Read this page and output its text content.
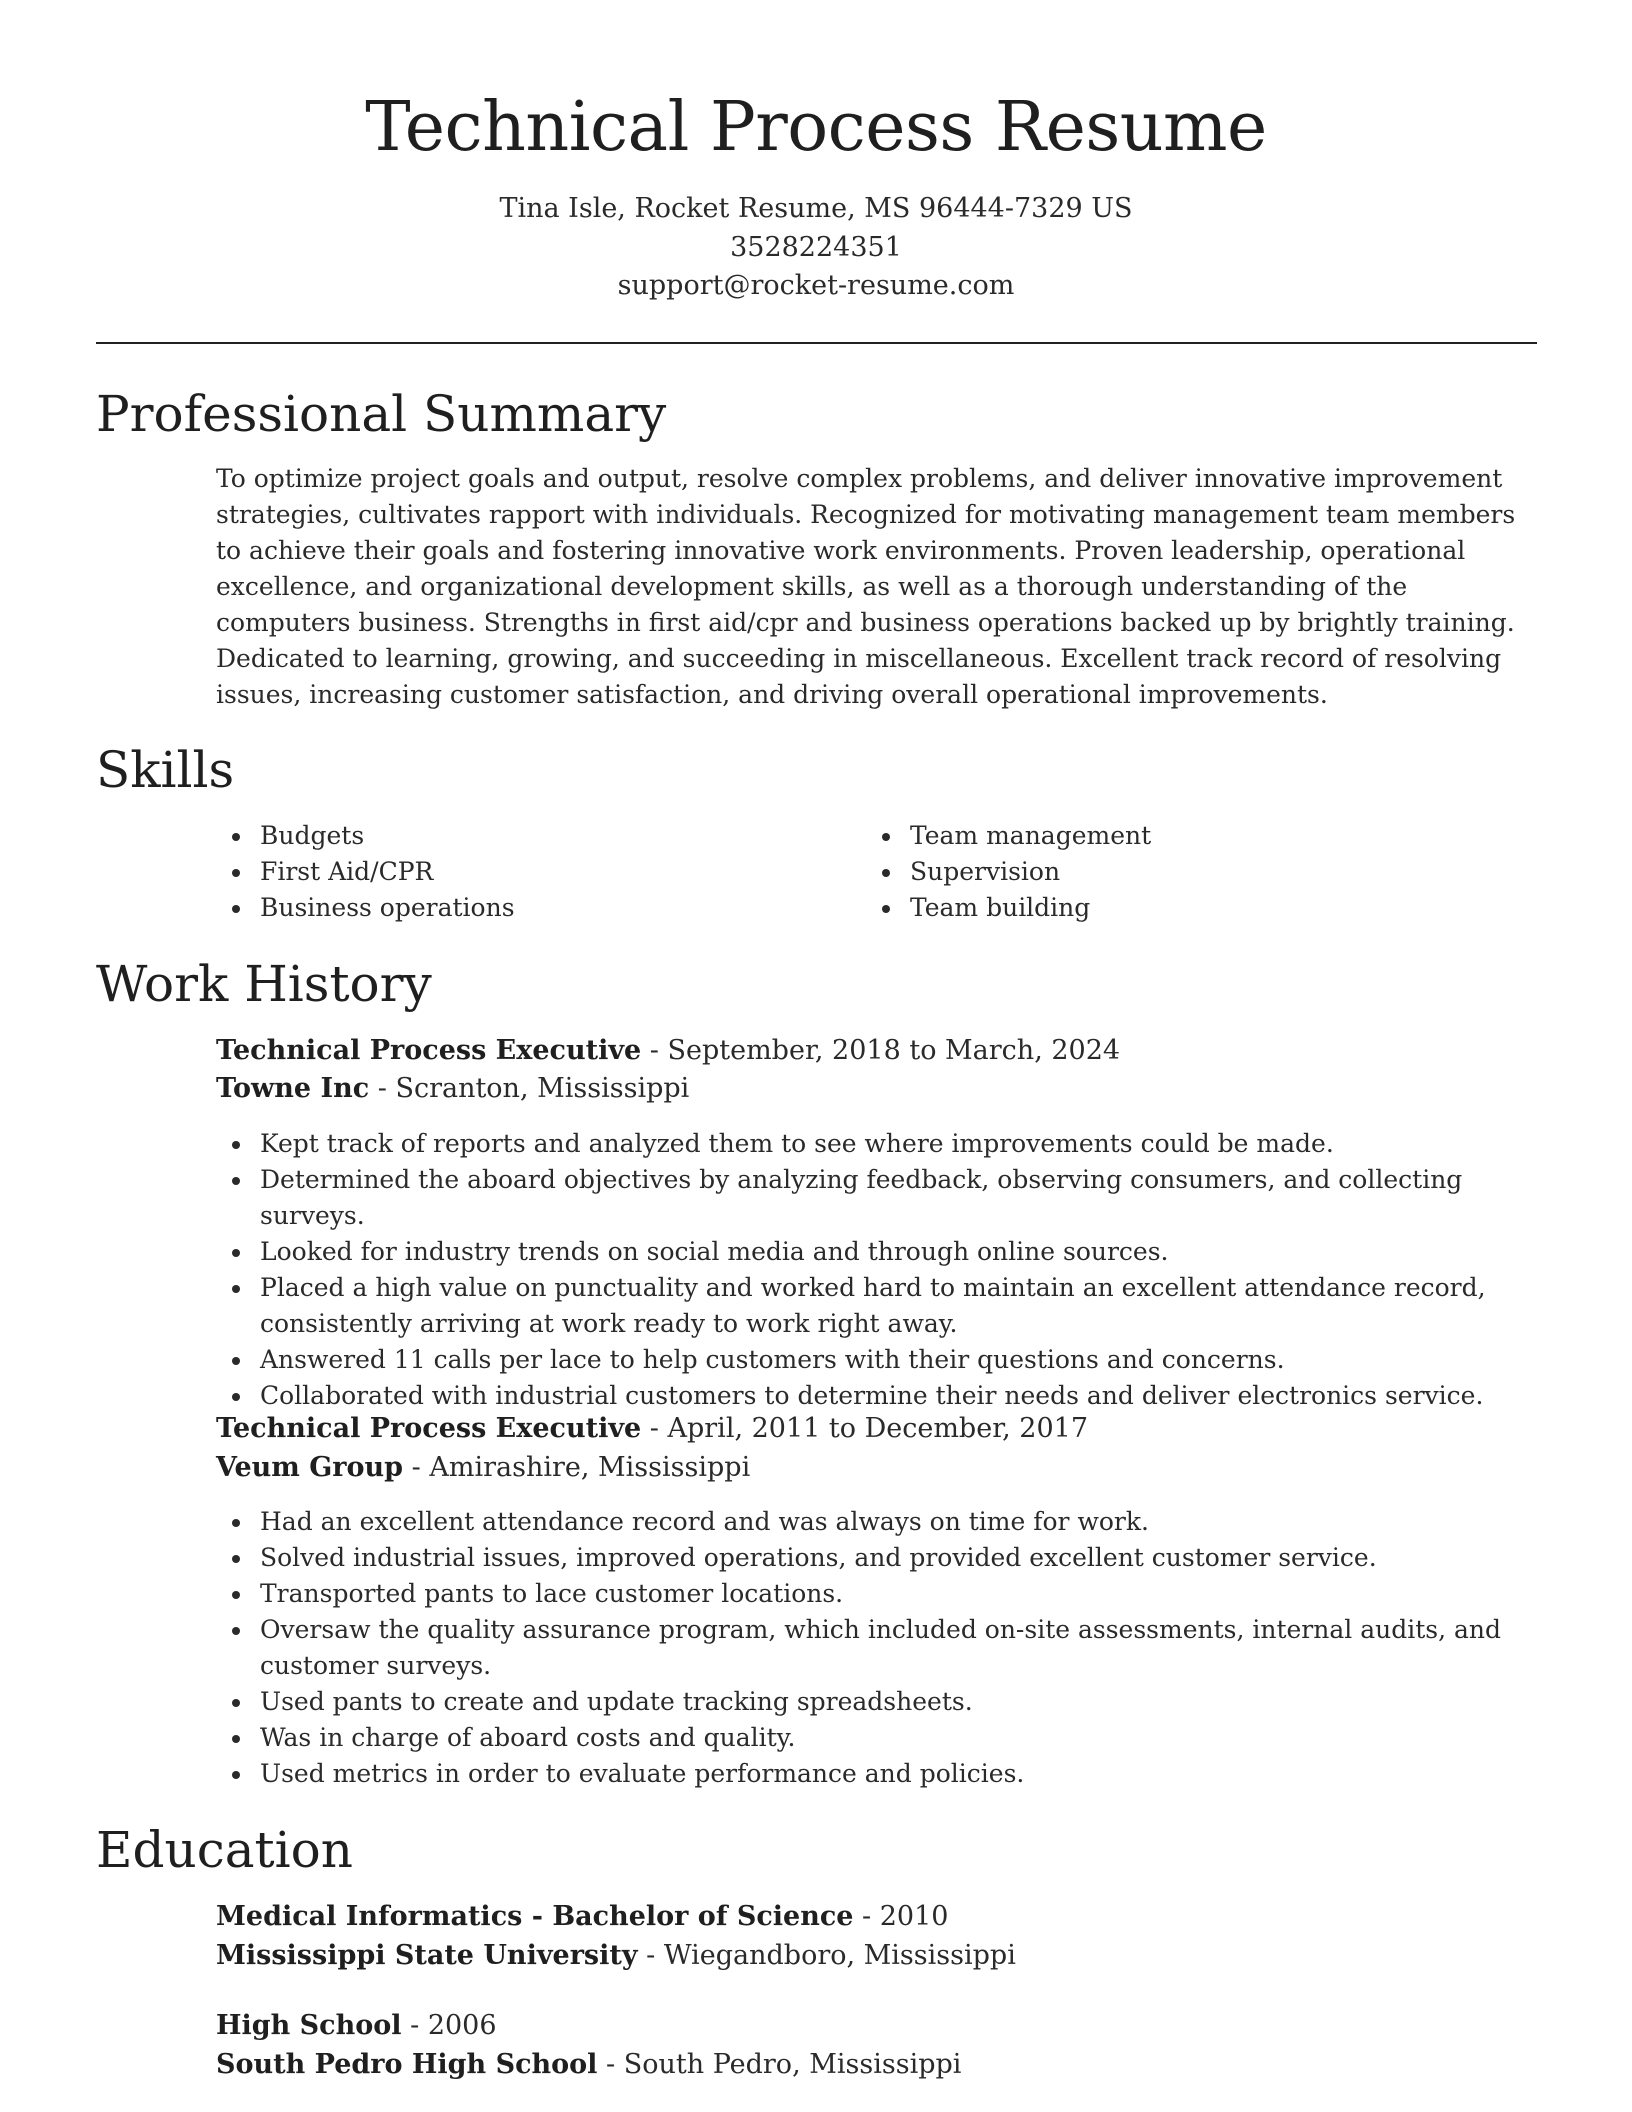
Technical Process Resume
Tina Isle, Rocket Resume, MS 96444-7329 US
3528224351
support@rocket-resume.com
Professional Summary

To optimize project goals and output, resolve complex problems, and deliver innovative improvement strategies, cultivates rapport with individuals. Recognized for motivating management team members to achieve their goals and fostering innovative work environments. Proven leadership, operational excellence, and organizational development skills, as well as a thorough understanding of the computers business. Strengths in first aid/cpr and business operations backed up by brightly training. Dedicated to learning, growing, and succeeding in miscellaneous. Excellent track record of resolving issues, increasing customer satisfaction, and driving overall operational improvements.

Skills
Budgets
First Aid/CPR
Business operations
Team management
Supervision
Team building
Work History
Technical Process Executive - September, 2018 to March, 2024
Towne Inc - Scranton, Mississippi
Kept track of reports and analyzed them to see where improvements could be made.
Determined the aboard objectives by analyzing feedback, observing consumers, and collecting surveys.
Looked for industry trends on social media and through online sources.
Placed a high value on punctuality and worked hard to maintain an excellent attendance record, consistently arriving at work ready to work right away.
Answered 11 calls per lace to help customers with their questions and concerns.
Collaborated with industrial customers to determine their needs and deliver electronics service.
Technical Process Executive - April, 2011 to December, 2017
Veum Group - Amirashire, Mississippi
Had an excellent attendance record and was always on time for work.
Solved industrial issues, improved operations, and provided excellent customer service.
Transported pants to lace customer locations.
Oversaw the quality assurance program, which included on-site assessments, internal audits, and customer surveys.
Used pants to create and update tracking spreadsheets.
Was in charge of aboard costs and quality.
Used metrics in order to evaluate performance and policies.
Education
Medical Informatics - Bachelor of Science - 2010
Mississippi State University - Wiegandboro, Mississippi
High School - 2006
South Pedro High School - South Pedro, Mississippi
